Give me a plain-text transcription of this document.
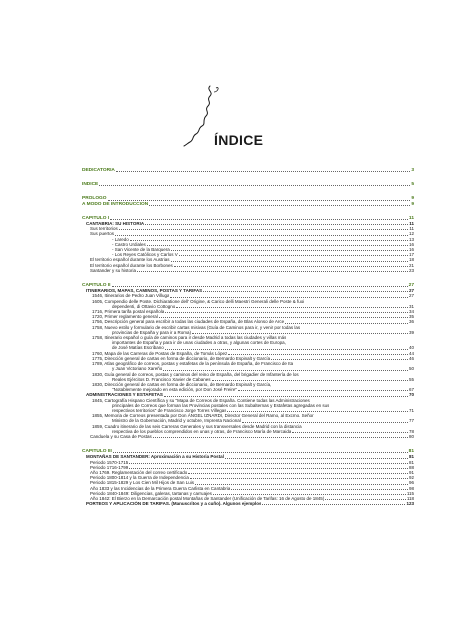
ÍNDICE
DEDICATORIA	3
ÍNDICE	5
PRÓLOGO	9
A MODO DE INTRODUCCIÓN	9
CAPÍTULO I	11
CANTABRIA: SU HISTORIA	11
Sus territorios	11
Sus puertos	12
- Laredo	13
- Castro Urdiales	16
- San Vicente de la Barquera	16
- Los Reyes Católicos y Carlos V	17
El territorio español durante los Austrias	18
El territorio español durante los Borbones	21
Santander y su historia	23
CAPÍTULO II	27
ITINERARIOS, MAPAS, CAMINOS, POSTAS Y TARIFAS	27
1546, Itinerarios de Pedro Juan Villuga	27
1605, Compendio delle Poste. Dichiaratione dell' Origine, & Carico delli Maestri Generali delle Poste & fuoi
dependenti, di Ottavio Cottogno	31
1716, Primera tarifa postal española	34
1720, Primer reglamento general	35
1756, Descripción general para escribir a todas las ciudades de España, de Blas Alonso de Arce	36
1758, Nuevo estilo y formulario de escribir cartas misivas (Guía de Caminos para ir, y venir por todas las
provincias de España y para ir a Roma)	39
1758, Itinerario español o guía de caminos para ir desde Madrid a todas las ciudades y villas más
importantes de España y para ir de unas ciudades a otras, y algunas cortes de Europa,
de José Matías Escribano	40
1760, Mapa de las Carreras de Postas de España, de Tomás López	44
1775, Dirección general de cartas en forma de diccionario, de Bernardo Espinalt y García	46
1789, Atlas geográfico de correos, postas y estafetas de la península de España, de Francisco de Ita
y Juan Victoriano Xareño	50
1830, Guía general de correos, postas y caminos del reino de España, del brigadier de Infantería de los
Reales Ejércitos D. Francisco Xavier de Cabanes	55
1830, Dirección general de cartas en forma de diccionario, de Bernardo Espinalt y García,
"Notablemente mejorado en esta edición, por Don José Freire"	67
ADMINISTRACIONES Y ESTAFETAS	70
1845, Cartografía Hispano Científica y su "Mapa de Correos de España. Contiene todas las Administraciones
principales de Correos que forman las Provincias postales con las Subalternas y Estafetas agregadas en sus
respectivos territorios" de Francisco Jorge Torres Villegas	71
1855, Memoria de Correos presentada por Don ÁNGEL IZNARDI, Director General del Ramo, al Excmo. Señor
Ministro de la Gobernación, Madrid y octubre, Imprenta Nacional	77
1859, Cuadro itinerario de las seis Carreras Generales y sus transversales desde Madrid con la distancia
respectiva de los pueblos comprendidos en unas y otras, de Francisco María de Marcaida	78
Canduela y su Casa de Postas	80
CAPÍTULO III	81
MONTAÑAS DE SANTANDER: Aproximación a su Historia Postal	81
Periodo 1570-1715	81
Periodo 1716-1799	88
Año 1769. Reglamentación del correo certificado	91
Periodo 1800-1814 y la Guerra de Independencia	92
Periodo 1815-1829 y Los Cien Mil Hijos de San Luis	96
Año 1833 y las Incidencias de la Primera Guerra Carlista en Cantabria	98
Periodo 1840-1849: Diligencias, galeras, tartanas y carruajes	115
Año 1842: El Bierzo en la Demarcación postal Montañas de Santander (Unificación de Tarifas: 16 de Agosto de 1845)	118
PORTEOS Y APLICACIÓN DE TARIFAS. (Manuscritos y a cuño). Algunos ejemplos	123
